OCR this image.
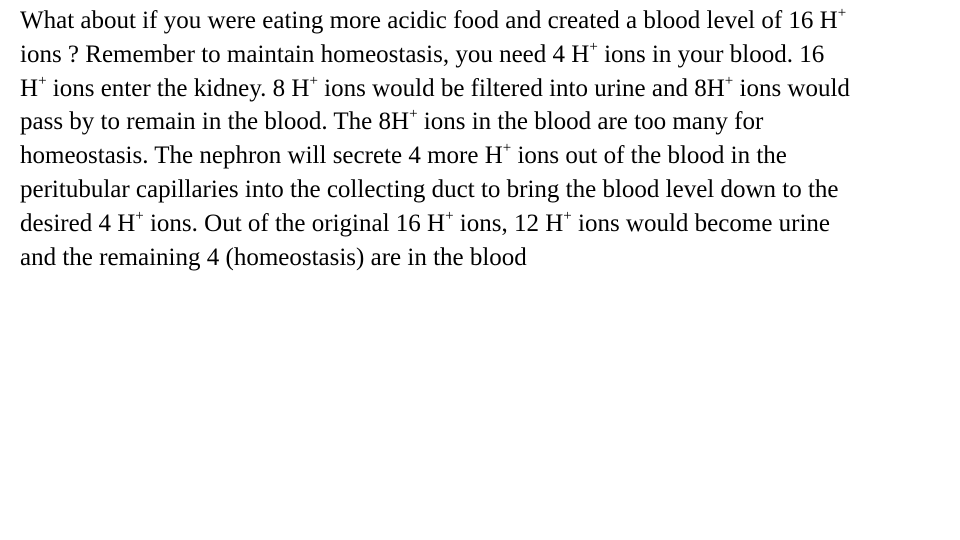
What about if you were eating more acidic food and created a blood level of 16 H+
ions ? Remember to maintain homeostasis, you need 4 H+ ions in your blood. 16
H+ ions enter the kidney. 8 H+ ions would be filtered into urine and 8H+ ions would
pass by to remain in the blood. The 8H+ ions in the blood are too many for
homeostasis. The nephron will secrete 4 more H+ ions out of the blood in the
peritubular capillaries into the collecting duct to bring the blood level down to the
desired 4 H+ ions. Out of the original 16 H+ ions, 12 H+ ions would become urine
and the remaining 4 (homeostasis) are in the blood
